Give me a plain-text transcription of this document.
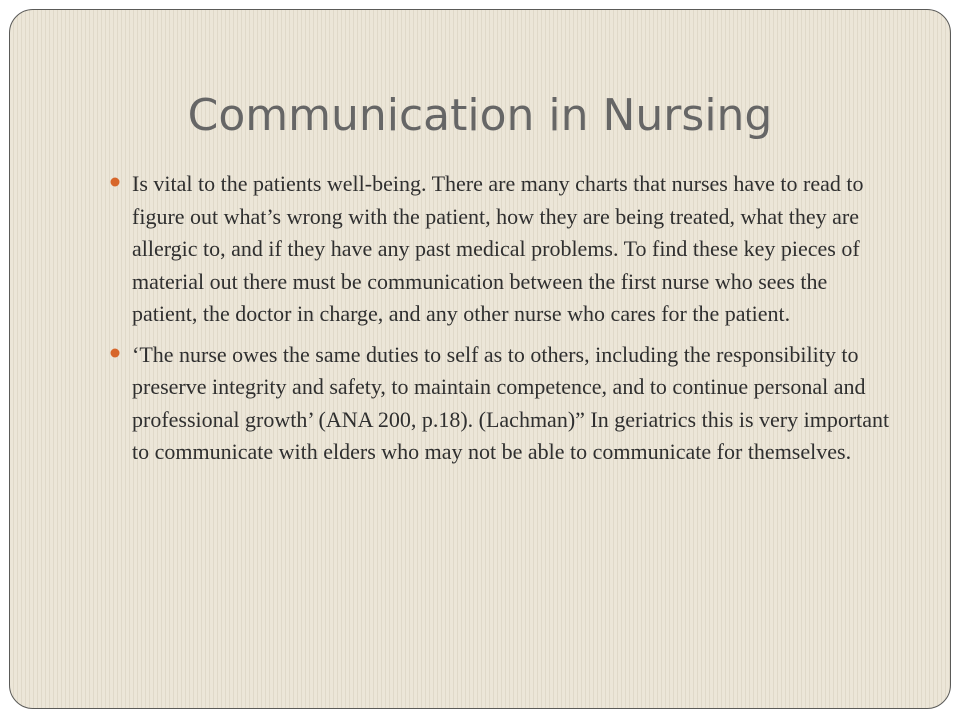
Communication in Nursing
Is vital to the patients well-being. There are many charts that nurses have to read to figure out what’s wrong with the patient, how they are being treated, what they are allergic to, and if they have any past medical problems. To find these key pieces of material out there must be communication between the first nurse who sees the patient, the doctor in charge, and any other nurse who cares for the patient.
‘The nurse owes the same duties to self as to others, including the responsibility to preserve integrity and safety, to maintain competence, and to continue personal and professional growth’ (ANA 200, p.18). (Lachman)” In geriatrics this is very important to communicate with elders who may not be able to communicate for themselves.
